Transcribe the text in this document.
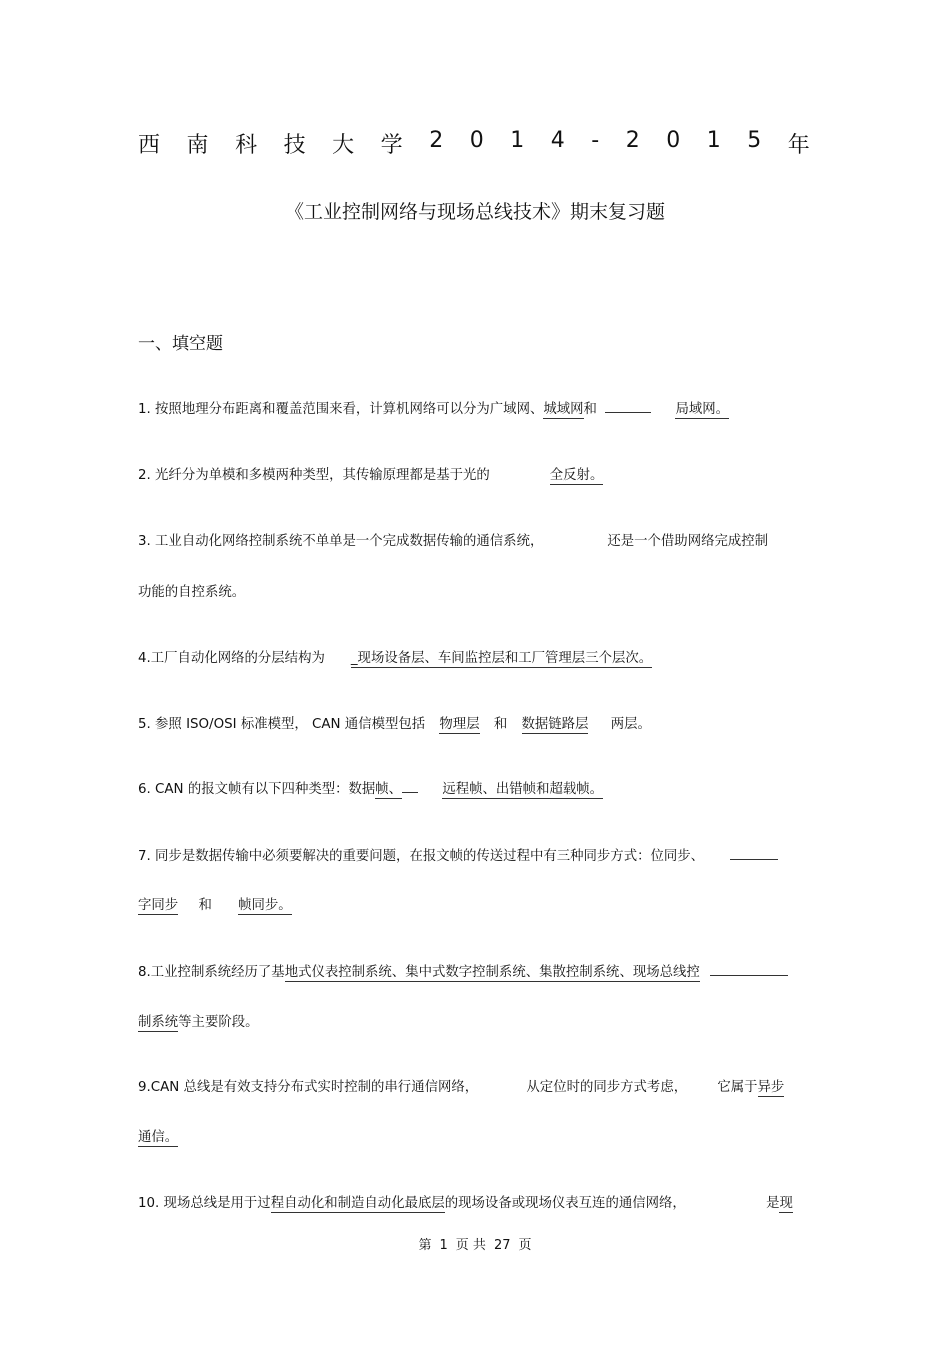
西 南 科 技 大 学 2 0 1 4 - 2 0 1 5 年
《工业控制网络与现场总线技术》期末复习题
一、填空题
1. 按照地理分布距离和覆盖范围来看，计算机网络可以分为广域网、城域网和	局域网。
2. 光纤分为单模和多模两种类型，其传输原理都是基于光的	全反射。
3. 工业自动化网络控制系统不单单是一个完成数据传输的通信系统，	还是一个借助网络完成控制
功能的自控系统。
4.工厂自动化网络的分层结构为 _现场设备层、车间监控层和工厂管理层三个层次。
5. 参照 ISO/OSI 标准模型， CAN 通信模型包括 物理层 和 数据链路层 两层。
6. CAN 的报文帧有以下四种类型：数据帧、	远程帧、出错帧和超载帧。
7. 同步是数据传输中必须要解决的重要问题，在报文帧的传送过程中有三种同步方式：位同步、
字同步 和 帧同步。
8.工业控制系统经历了基地式仪表控制系统、集中式数字控制系统、集散控制系统、现场总线控
制系统等主要阶段。
9.CAN 总线是有效支持分布式实时控制的串行通信网络，	从定位时的同步方式考虑， 它属于异步
通信。
10. 现场总线是用于过程自动化和制造自动化最底层的现场设备或现场仪表互连的通信网络，	是现
第 1 页 共 27 页
